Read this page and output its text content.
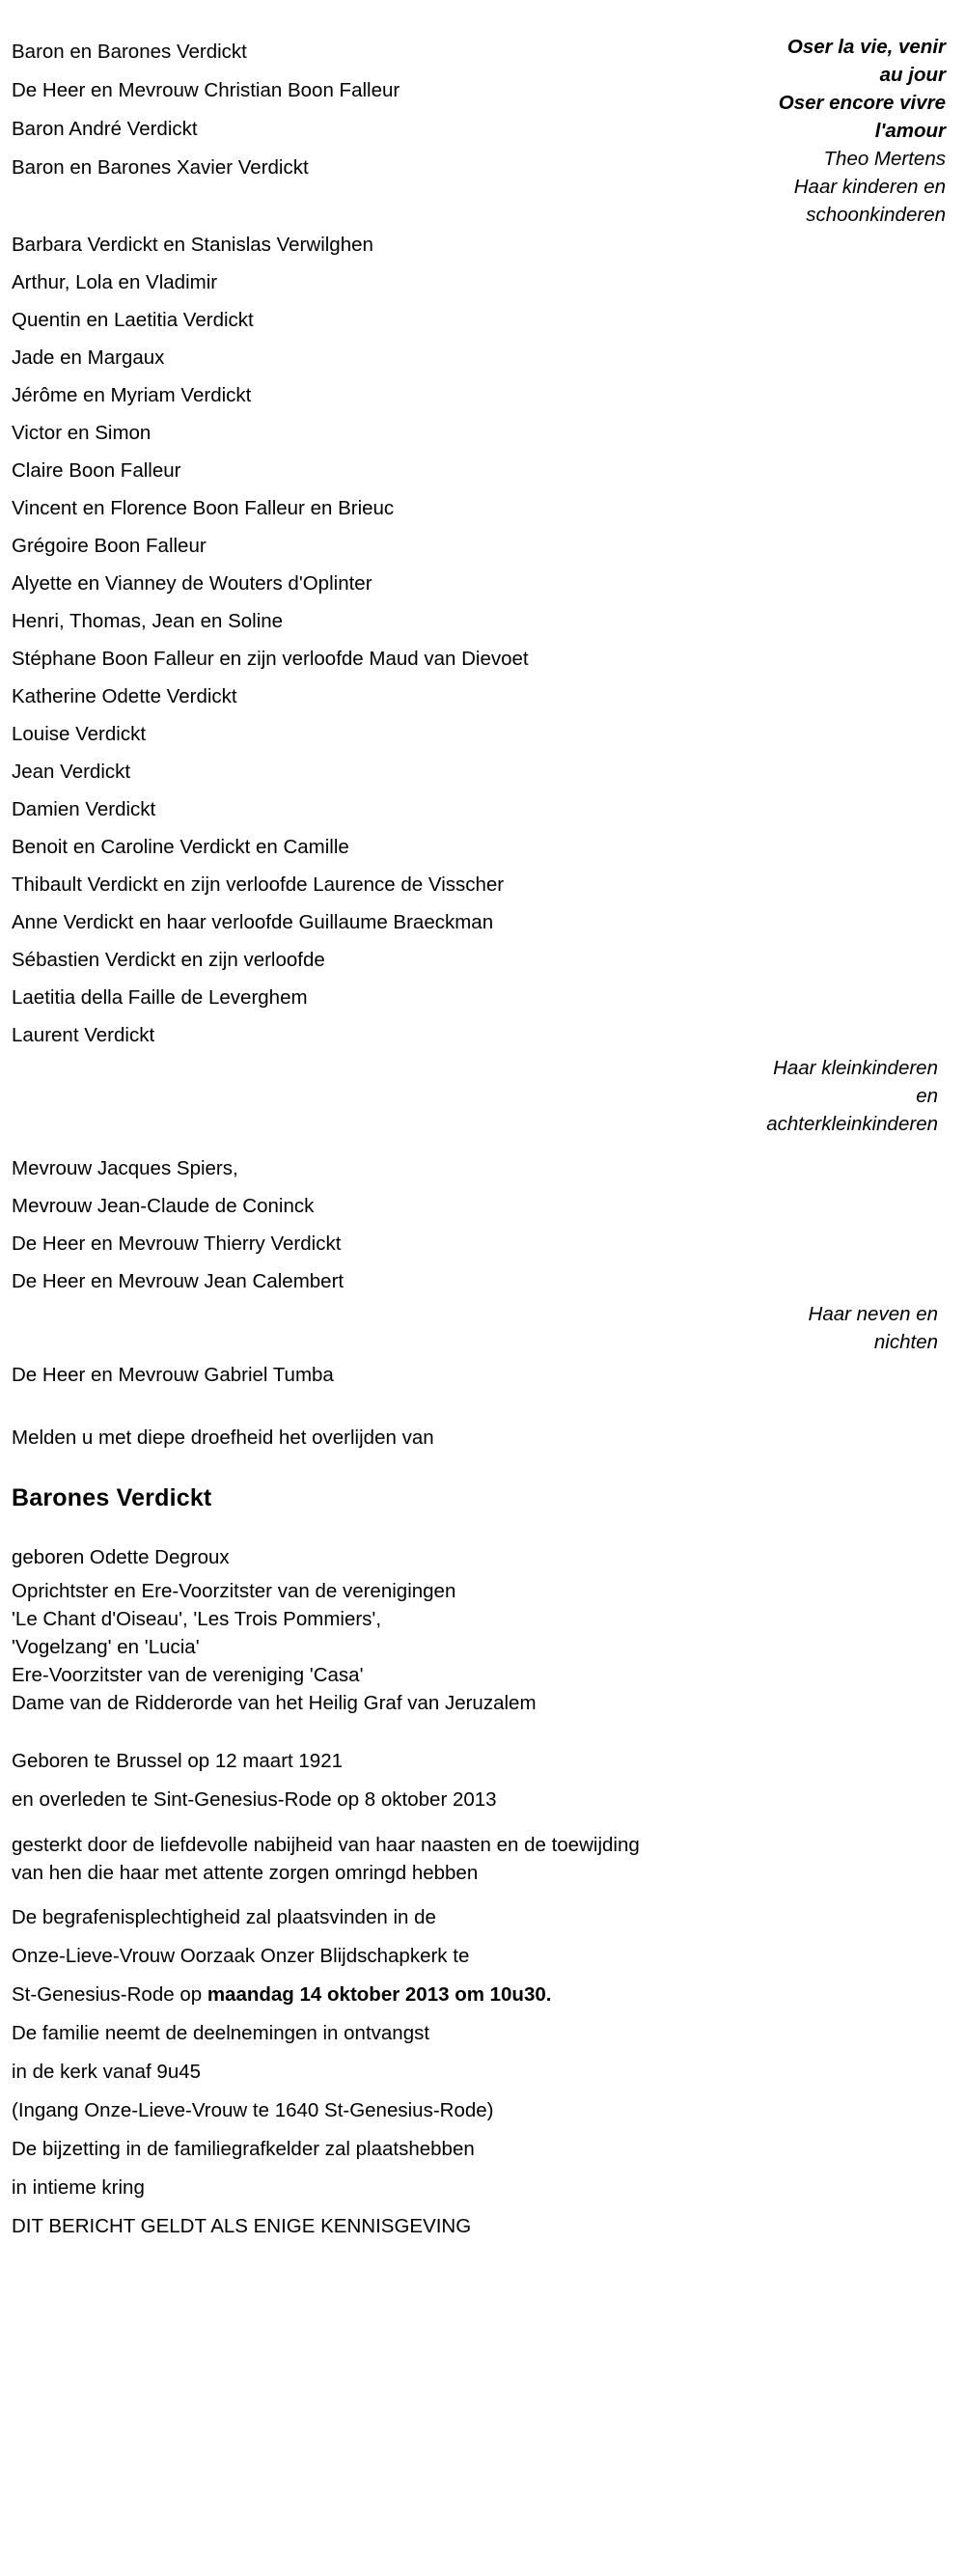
Baron en Barones Verdickt
De Heer en Mevrouw Christian Boon Falleur
Baron André Verdickt
Baron en Barones Xavier Verdickt
Oser la vie, venir
au jour
Oser encore vivre
l'amour
Theo Mertens
Haar kinderen en
schoonkinderen
Barbara Verdickt en Stanislas Verwilghen
Arthur, Lola en Vladimir
Quentin en Laetitia Verdickt
Jade en Margaux
Jérôme en Myriam Verdickt
Victor en Simon
Claire Boon Falleur
Vincent en Florence Boon Falleur en Brieuc
Grégoire Boon Falleur
Alyette en Vianney de Wouters d'Oplinter
Henri, Thomas, Jean en Soline
Stéphane Boon Falleur en zijn verloofde Maud van Dievoet
Katherine Odette Verdickt
Louise Verdickt
Jean Verdickt
Damien Verdickt
Benoit en Caroline Verdickt en Camille
Thibault Verdickt en zijn verloofde Laurence de Visscher
Anne Verdickt en haar verloofde Guillaume Braeckman
Sébastien Verdickt en zijn verloofde
Laetitia della Faille de Leverghem
Laurent Verdickt
Haar kleinkinderen
en
achterkleinkinderen
Mevrouw Jacques Spiers,
Mevrouw Jean-Claude de Coninck
De Heer en Mevrouw Thierry Verdickt
De Heer en Mevrouw Jean Calembert
Haar neven en
nichten
De Heer en Mevrouw Gabriel Tumba
Melden u met diepe droefheid het overlijden van
Barones Verdickt
geboren Odette Degroux
Oprichtster en Ere-Voorzitster van de verenigingen
'Le Chant d'Oiseau', 'Les Trois Pommiers',
'Vogelzang' en 'Lucia'
Ere-Voorzitster van de vereniging 'Casa'
Dame van de Ridderorde van het Heilig Graf van Jeruzalem
Geboren te Brussel op 12 maart 1921
en overleden te Sint-Genesius-Rode op 8 oktober 2013
gesterkt door de liefdevolle nabijheid van haar naasten en de toewijding
van hen die haar met attente zorgen omringd hebben
De begrafenisplechtigheid zal plaatsvinden in de
Onze-Lieve-Vrouw Oorzaak Onzer Blijdschapkerk te
St-Genesius-Rode op maandag 14 oktober 2013 om 10u30.
De familie neemt de deelnemingen in ontvangst
in de kerk vanaf 9u45
(Ingang Onze-Lieve-Vrouw te 1640 St-Genesius-Rode)
De bijzetting in de familiegrafkelder zal plaatshebben
in intieme kring
DIT BERICHT GELDT ALS ENIGE KENNISGEVING
